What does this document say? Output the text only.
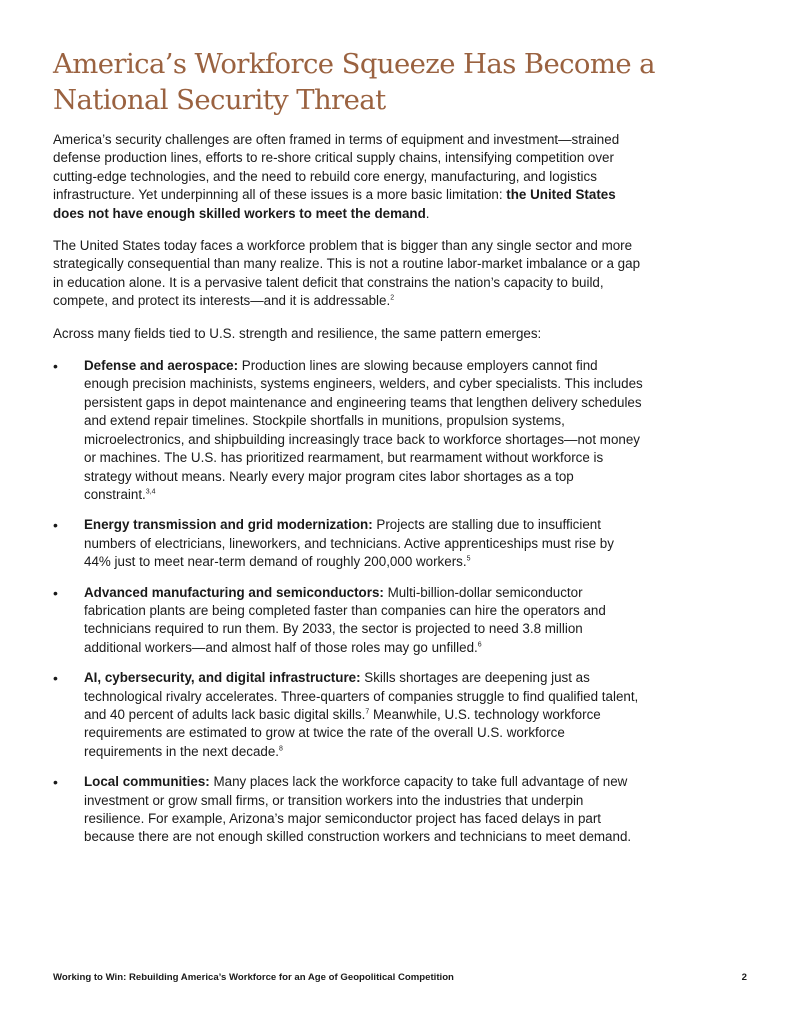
America’s Workforce Squeeze Has Become a National Security Threat

America’s security challenges are often framed in terms of equipment and investment—strained defense production lines, efforts to re-shore critical supply chains, intensifying competition over cutting-edge technologies, and the need to rebuild core energy, manufacturing, and logistics infrastructure. Yet underpinning all of these issues is a more basic limitation: the United States does not have enough skilled workers to meet the demand.

The United States today faces a workforce problem that is bigger than any single sector and more strategically consequential than many realize. This is not a routine labor-market imbalance or a gap in education alone. It is a pervasive talent deficit that constrains the nation’s capacity to build, compete, and protect its interests—and it is addressable.$^2$

Across many fields tied to U.S. strength and resilience, the same pattern emerges:

• Defense and aerospace: Production lines are slowing because employers cannot find enough precision machinists, systems engineers, welders, and cyber specialists. This includes persistent gaps in depot maintenance and engineering teams that lengthen delivery schedules and extend repair timelines. Stockpile shortfalls in munitions, propulsion systems, microelectronics, and shipbuilding increasingly trace back to workforce shortages—not money or machines. The U.S. has prioritized rearmament, but rearmament without workforce is strategy without means. Nearly every major program cites labor shortages as a top constraint.$^{3,4}$
• Energy transmission and grid modernization: Projects are stalling due to insufficient numbers of electricians, lineworkers, and technicians. Active apprenticeships must rise by 44% just to meet near-term demand of roughly 200,000 workers.$^5$
• Advanced manufacturing and semiconductors: Multi-billion-dollar semiconductor fabrication plants are being completed faster than companies can hire the operators and technicians required to run them. By 2033, the sector is projected to need 3.8 million additional workers—and almost half of those roles may go unfilled.$^6$
• AI, cybersecurity, and digital infrastructure: Skills shortages are deepening just as technological rivalry accelerates. Three-quarters of companies struggle to find qualified talent, and 40 percent of adults lack basic digital skills.$^7$ Meanwhile, U.S. technology workforce requirements are estimated to grow at twice the rate of the overall U.S. workforce requirements in the next decade.$^8$
• Local communities: Many places lack the workforce capacity to take full advantage of new investment or grow small firms, or transition workers into the industries that underpin resilience. For example, Arizona’s major semiconductor project has faced delays in part because there are not enough skilled construction workers and technicians to meet demand.
Working to Win: Rebuilding America’s Workforce for an Age of Geopolitical Competition	2
